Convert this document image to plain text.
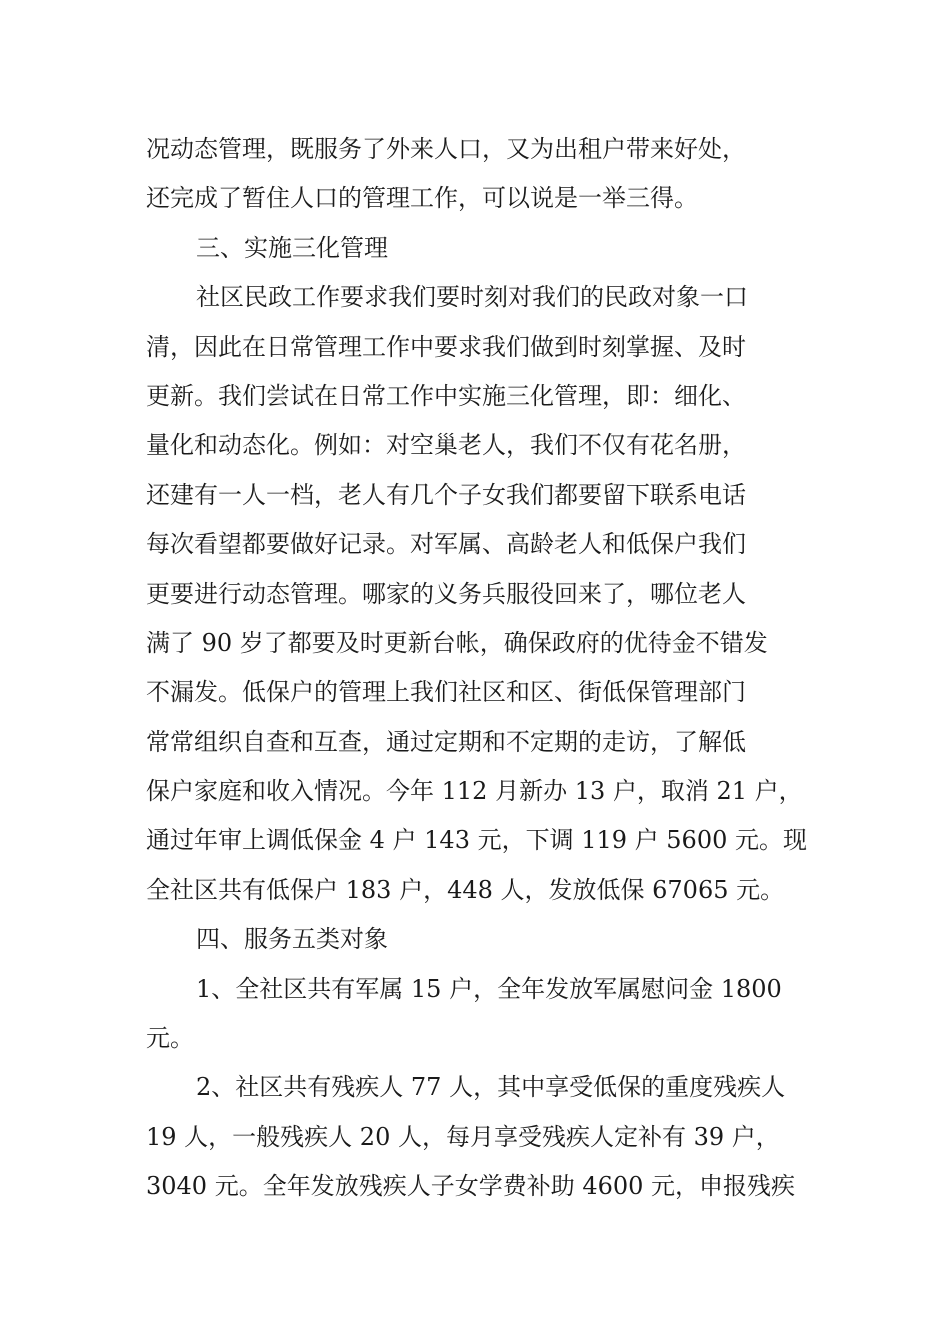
况动态管理，既服务了外来人口，又为出租户带来好处，
还完成了暂住人口的管理工作，可以说是一举三得。
三、实施三化管理
社区民政工作要求我们要时刻对我们的民政对象一口
清，因此在日常管理工作中要求我们做到时刻掌握、及时
更新。我们尝试在日常工作中实施三化管理，即：细化、
量化和动态化。例如：对空巢老人，我们不仅有花名册，
还建有一人一档，老人有几个子女我们都要留下联系电话
每次看望都要做好记录。对军属、高龄老人和低保户我们
更要进行动态管理。哪家的义务兵服役回来了，哪位老人
满了 90 岁了都要及时更新台帐，确保政府的优待金不错发
不漏发。低保户的管理上我们社区和区、街低保管理部门
常常组织自查和互查，通过定期和不定期的走访，了解低
保户家庭和收入情况。今年 112 月新办 13 户，取消 21 户，
通过年审上调低保金 4 户 143 元，下调 119 户 5600 元。现
全社区共有低保户 183 户，448 人，发放低保 67065 元。
四、服务五类对象
1、全社区共有军属 15 户，全年发放军属慰问金 1800
元。
2、社区共有残疾人 77 人，其中享受低保的重度残疾人
19 人，一般残疾人 20 人，每月享受残疾人定补有 39 户，
3040 元。全年发放残疾人子女学费补助 4600 元，申报残疾
